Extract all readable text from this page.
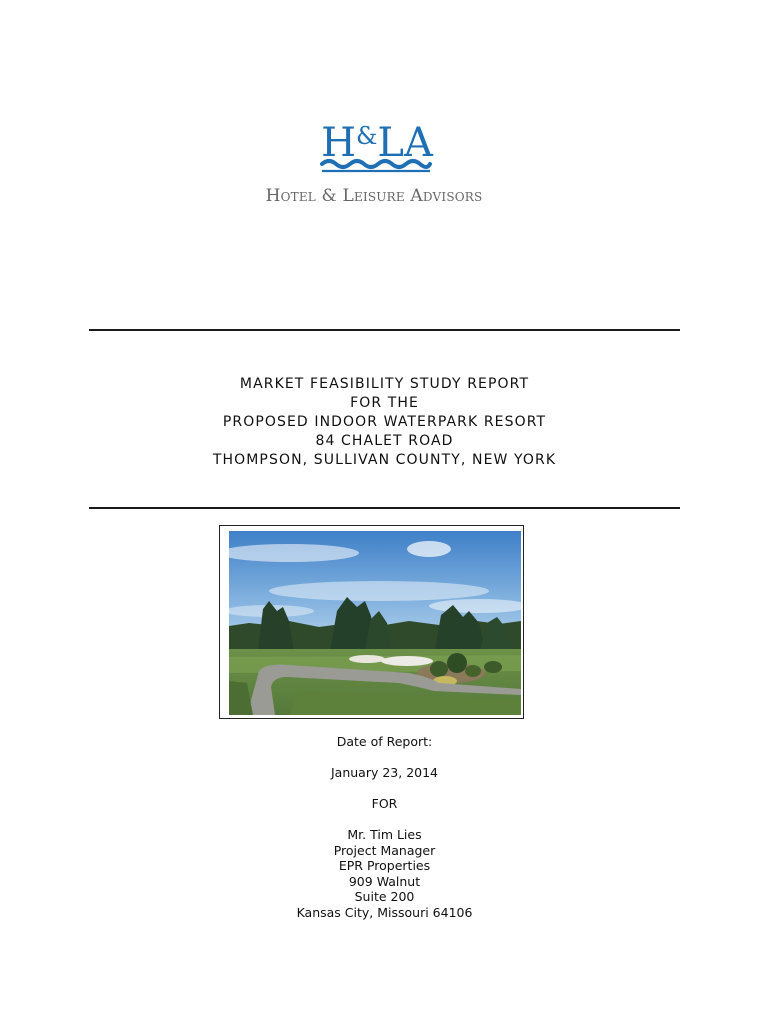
H&LA
Hotel & Leisure Advisors
MARKET FEASIBILITY STUDY REPORT
FOR THE
PROPOSED INDOOR WATERPARK RESORT
84 CHALET ROAD
THOMPSON, SULLIVAN COUNTY, NEW YORK
Date of Report:
January 23, 2014
FOR
Mr. Tim Lies
Project Manager
EPR Properties
909 Walnut
Suite 200
Kansas City, Missouri 64106
